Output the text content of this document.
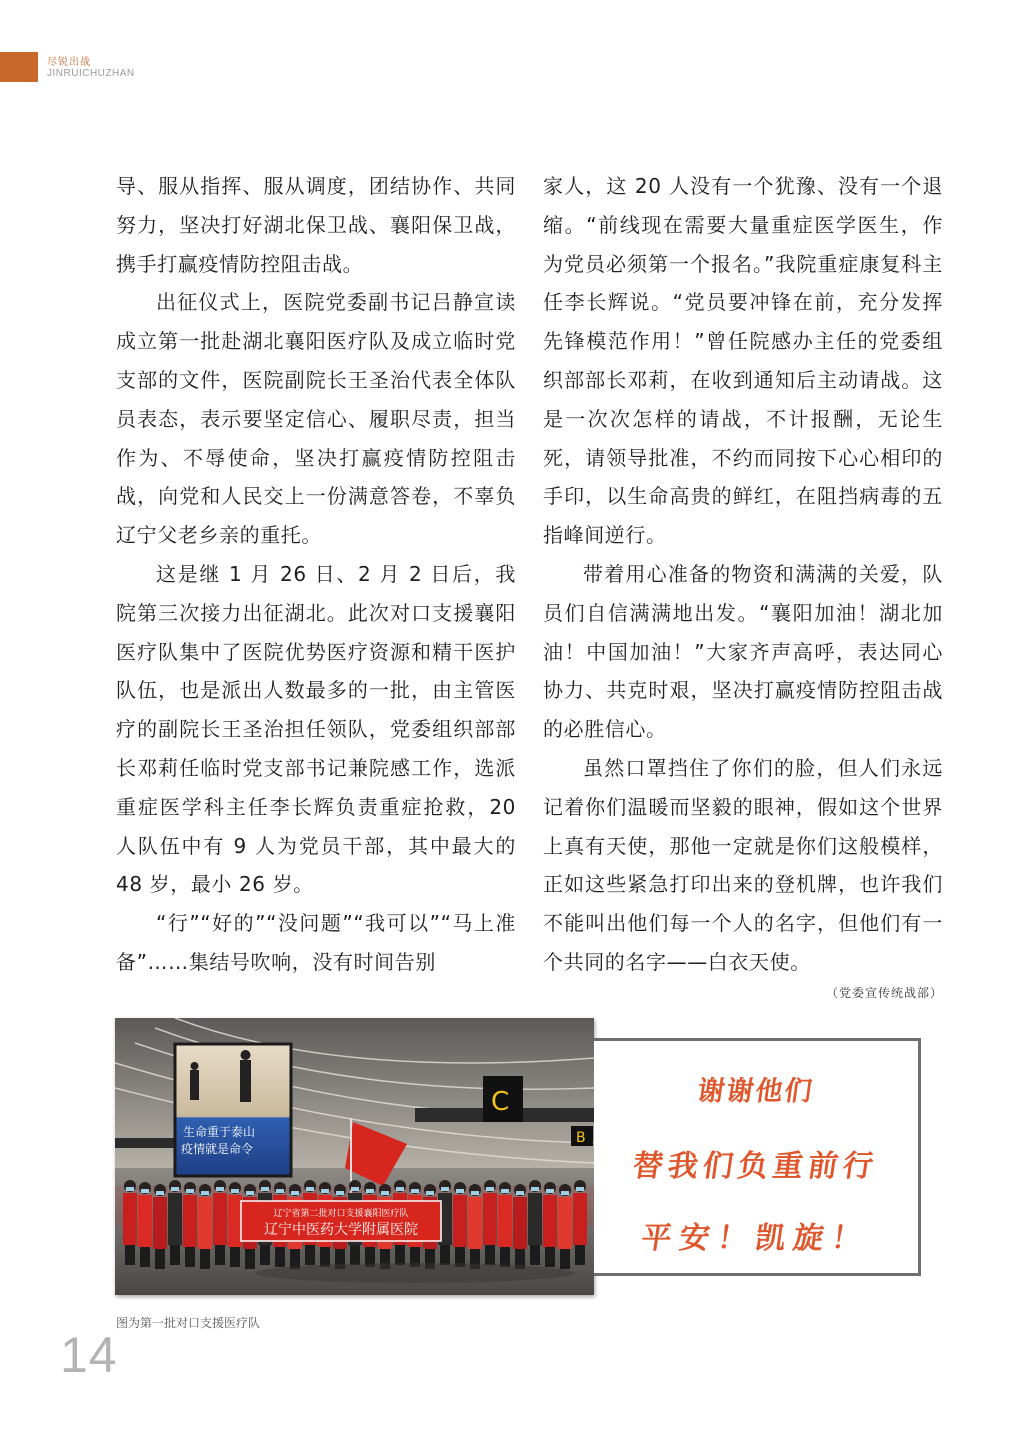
尽锐出战
JINRUICHUZHAN

导、服从指挥、服从调度，团结协作、共同努力，坚决打好湖北保卫战、襄阳保卫战，携手打赢疫情防控阻击战。

出征仪式上，医院党委副书记吕静宣读成立第一批赴湖北襄阳医疗队及成立临时党支部的文件，医院副院长王圣治代表全体队员表态，表示要坚定信心、履职尽责，担当作为、不辱使命，坚决打赢疫情防控阻击战，向党和人民交上一份满意答卷，不辜负辽宁父老乡亲的重托。

这是继 1 月 26 日、2 月 2 日后，我院第三次接力出征湖北。此次对口支援襄阳医疗队集中了医院优势医疗资源和精干医护队伍，也是派出人数最多的一批，由主管医疗的副院长王圣治担任领队，党委组织部部长邓莉任临时党支部书记兼院感工作，选派重症医学科主任李长辉负责重症抢救，20 人队伍中有 9 人为党员干部，其中最大的 48 岁，最小 26 岁。

“行”“好的”“没问题”“我可以”“马上准备”……集结号吹响，没有时间告别

家人，这 20 人没有一个犹豫、没有一个退缩。“前线现在需要大量重症医学医生，作为党员必须第一个报名。”我院重症康复科主任李长辉说。“党员要冲锋在前，充分发挥先锋模范作用！”曾任院感办主任的党委组织部部长邓莉，在收到通知后主动请战。这是一次次怎样的请战，不计报酬，无论生死，请领导批准，不约而同按下心心相印的手印，以生命高贵的鲜红，在阻挡病毒的五指峰间逆行。

带着用心准备的物资和满满的关爱，队员们自信满满地出发。“襄阳加油！湖北加油！中国加油！”大家齐声高呼，表达同心协力、共克时艰，坚决打赢疫情防控阻击战的必胜信心。

虽然口罩挡住了你们的脸，但人们永远记着你们温暖而坚毅的眼神，假如这个世界上真有天使，那他一定就是你们这般模样，正如这些紧急打印出来的登机牌，也许我们不能叫出他们每一个人的名字，但他们有一个共同的名字——白衣天使。

（党委宣传统战部）
生命重于泰山
疫情就是命令
C
B
辽宁省第二批对口支援襄阳医疗队
辽宁中医药大学附属医院
谢谢他们
替我们负重前行
平安！凯旋！
图为第一批对口支援医疗队
14
